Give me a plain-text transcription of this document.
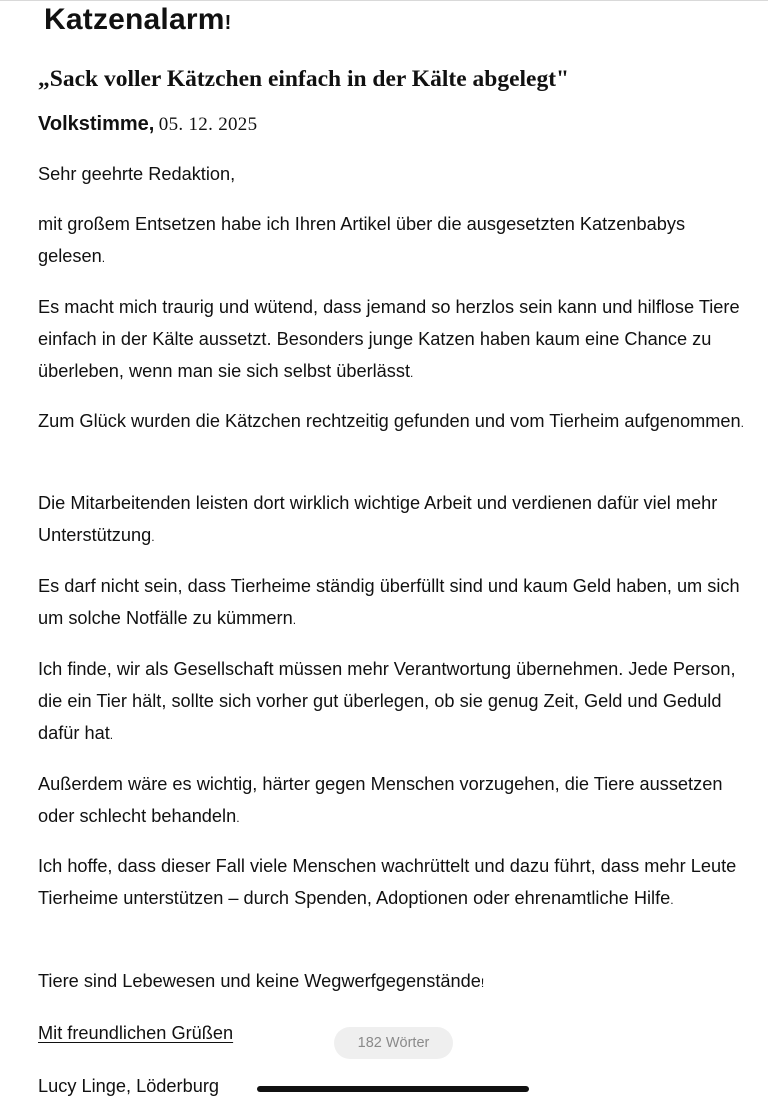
Katzenalarm!
„Sack voller Kätzchen einfach in der Kälte abgelegt"
Volkstimme, 05. 12. 2025

Sehr geehrte Redaktion,

mit großem Entsetzen habe ich Ihren Artikel über die ausgesetzten Katzenbabys gelesen.

Es macht mich traurig und wütend, dass jemand so herzlos sein kann und hilflose Tiere einfach in der Kälte aussetzt. Besonders junge Katzen haben kaum eine Chance zu überleben, wenn man sie sich selbst überlässt.

Zum Glück wurden die Kätzchen rechtzeitig gefunden und vom Tierheim aufgenommen.

Die Mitarbeitenden leisten dort wirklich wichtige Arbeit und verdienen dafür viel mehr Unterstützung.

Es darf nicht sein, dass Tierheime ständig überfüllt sind und kaum Geld haben, um sich um solche Notfälle zu kümmern.

Ich finde, wir als Gesellschaft müssen mehr Verantwortung übernehmen. Jede Person, die ein Tier hält, sollte sich vorher gut überlegen, ob sie genug Zeit, Geld und Geduld dafür hat.

Außerdem wäre es wichtig, härter gegen Menschen vorzugehen, die Tiere aussetzen oder schlecht behandeln.

Ich hoffe, dass dieser Fall viele Menschen wachrüttelt und dazu führt, dass mehr Leute Tierheime unterstützen – durch Spenden, Adoptionen oder ehrenamtliche Hilfe.

Tiere sind Lebewesen und keine Wegwerfgegenstände!

Mit freundlichen Grüßen
Lucy Linge, Löderburg
182 Wörter
